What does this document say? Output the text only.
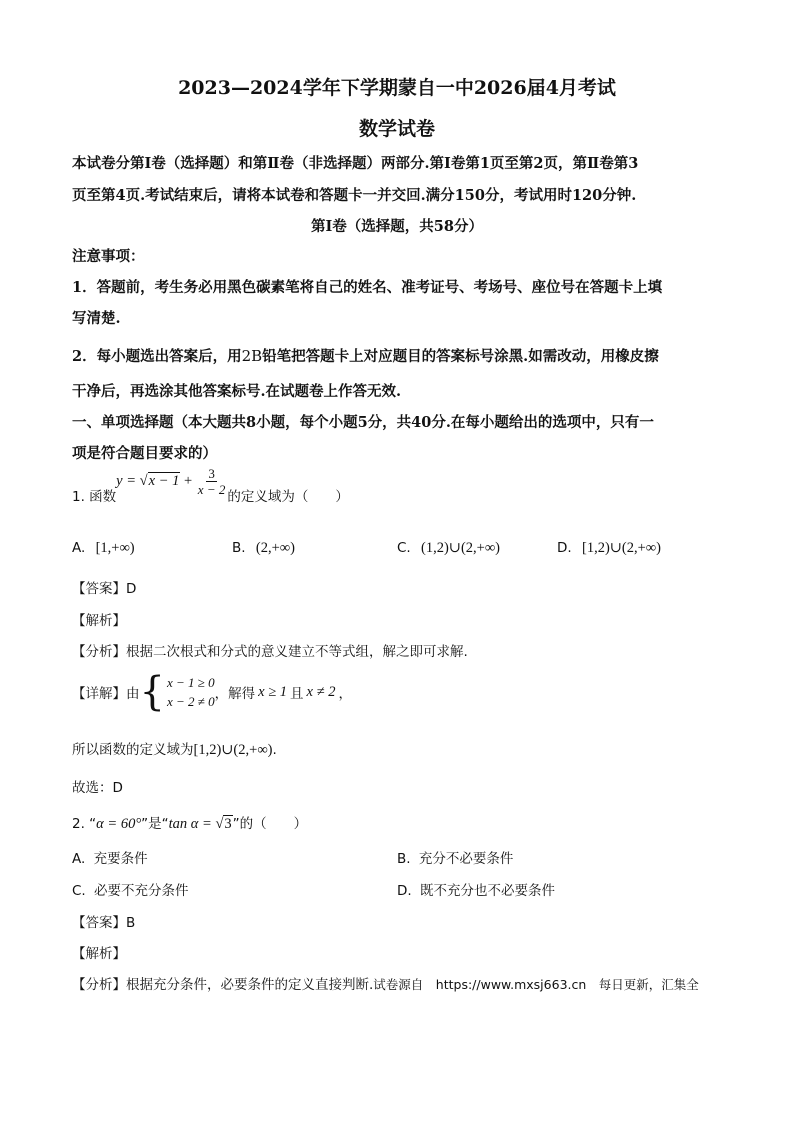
2023—2024学年下学期蒙自一中2026届4月考试
数学试卷
本试卷分第Ⅰ卷（选择题）和第Ⅱ卷（非选择题）两部分.第Ⅰ卷第1页至第2页，第Ⅱ卷第3
页至第4页.考试结束后，请将本试卷和答题卡一并交回.满分150分，考试用时120分钟.
第Ⅰ卷（选择题，共58分）
注意事项：
1．答题前，考生务必用黑色碳素笔将自己的姓名、准考证号、考场号、座位号在答题卡上填
写清楚.
2．每小题选出答案后，用2B铅笔把答题卡上对应题目的答案标号涂黑.如需改动，用橡皮擦
干净后，再选涂其他答案标号.在试题卷上作答无效.
一、单项选择题（本大题共8小题，每个小题5分，共40分.在每小题给出的选项中，只有一
项是符合题目要求的）
1. 函数
$y = √x - 1 + \frac{3}{x - 2}$ 的定义域为（　　）
A. [1,+∞)	B. (2,+∞)	C. (1,2)∪(2,+∞)	D. [1,2)∪(2,+∞)
【答案】D
【解析】
【分析】根据二次根式和分式的意义建立不等式组，解之即可求解.
【详解】由 { x − 1 ≥ 0
x − 2 ≠ 0 ，解得 x ≥ 1 且 x ≠ 2 ，
所以函数的定义域为[1,2)∪(2,+∞).
故选：D
2. “α = 60°”是“tan α = √3”的（　　）
A. 充要条件	B. 充分不必要条件
C. 必要不充分条件	D. 既不充分也不必要条件
【答案】B
【解析】
【分析】根据充分条件，必要条件的定义直接判断.试卷源自　https://www.mxsj663.cn　每日更新，汇集全
